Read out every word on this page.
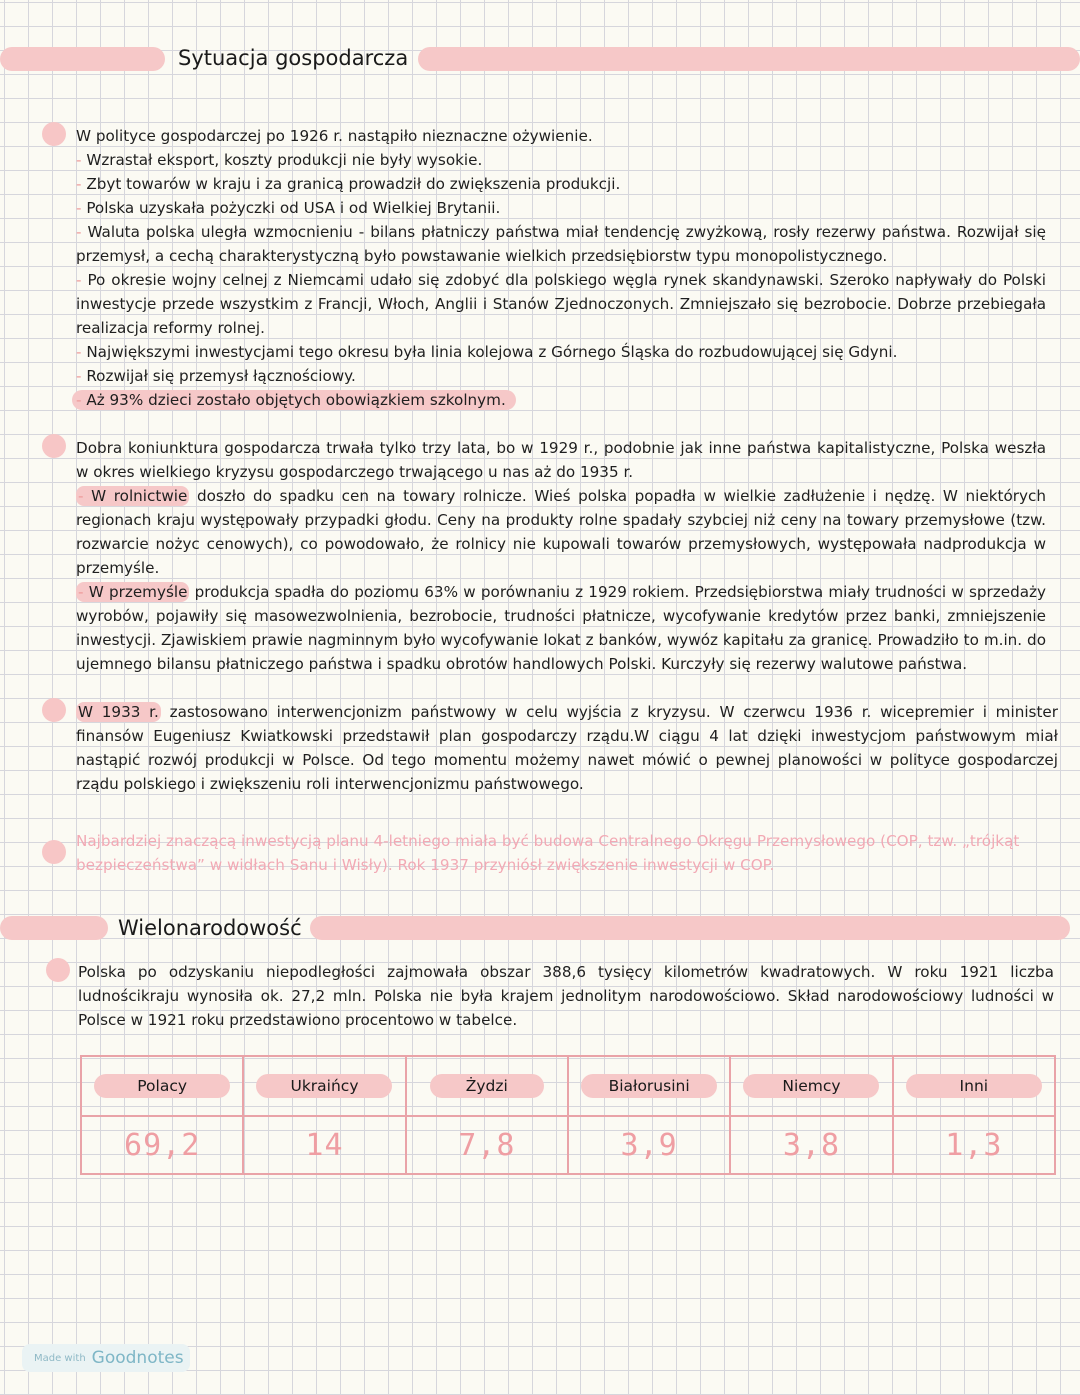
Sytuacja gospodarcza

W polityce gospodarczej po 1926 r. nastąpiło nieznaczne ożywienie.

- Wzrastał eksport, koszty produkcji nie były wysokie.

- Zbyt towarów w kraju i za granicą prowadził do zwiększenia produkcji.

- Polska uzyskała pożyczki od USA i od Wielkiej Brytanii.

- Waluta polska uległa wzmocnieniu - bilans płatniczy państwa miał tendencję zwyżkową, rosły rezerwy państwa. Rozwijał się przemysł, a cechą charakterystyczną było powstawanie wielkich przedsiębiorstw typu monopolistycznego.

- Po okresie wojny celnej z Niemcami udało się zdobyć dla polskiego węgla rynek skandynawski. Szeroko napływały do Polski inwestycje przede wszystkim z Francji, Włoch, Anglii i Stanów Zjednoczonych. Zmniejszało się bezrobocie. Dobrze przebiegała realizacja reformy rolnej.

- Największymi inwestycjami tego okresu była linia kolejowa z Górnego Śląska do rozbudowującej się Gdyni.

- Rozwijał się przemysł łącznościowy.

- Aż 93% dzieci zostało objętych obowiązkiem szkolnym.

Dobra koniunktura gospodarcza trwała tylko trzy lata, bo w 1929 r., podobnie jak inne państwa kapitalistyczne, Polska weszła w okres wielkiego kryzysu gospodarczego trwającego u nas aż do 1935 r.

- W rolnictwie doszło do spadku cen na towary rolnicze. Wieś polska popadła w wielkie zadłużenie i nędzę. W niektórych regionach kraju występowały przypadki głodu. Ceny na produkty rolne spadały szybciej niż ceny na towary przemysłowe (tzw. rozwarcie nożyc cenowych), co powodowało, że rolnicy nie kupowali towarów przemysłowych, występowała nadprodukcja w przemyśle.

- W przemyśle produkcja spadła do poziomu 63% w porównaniu z 1929 rokiem. Przedsiębiorstwa miały trudności w sprzedaży wyrobów, pojawiły się masowezwolnienia, bezrobocie, trudności płatnicze, wycofywanie kredytów przez banki, zmniejszenie inwestycji. Zjawiskiem prawie nagminnym było wycofywanie lokat z banków, wywóz kapitału za granicę. Prowadziło to m.in. do ujemnego bilansu płatniczego państwa i spadku obrotów handlowych Polski. Kurczyły się rezerwy walutowe państwa.

W 1933 r. zastosowano interwencjonizm państwowy w celu wyjścia z kryzysu. W czerwcu 1936 r. wicepremier i minister finansów Eugeniusz Kwiatkowski przedstawił plan gospodarczy rządu.W ciągu 4 lat dzięki inwestycjom państwowym miał nastąpić rozwój produkcji w Polsce. Od tego momentu możemy nawet mówić o pewnej planowości w polityce gospodarczej rządu polskiego i zwiększeniu roli interwencjonizmu państwowego.

Najbardziej znaczącą inwestycją planu 4-letniego miała być budowa Centralnego Okręgu Przemysłowego (COP, tzw. „trójkąt bezpieczeństwa” w widłach Sanu i Wisły). Rok 1937 przyniósł zwiększenie inwestycji w COP.

Wielonarodowość

Polska po odzyskaniu niepodległości zajmowała obszar 388,6 tysięcy kilometrów kwadratowych. W roku 1921 liczba ludnościkraju wynosiła ok. 27,2 mln. Polska nie była krajem jednolitym narodowościowo. Skład narodowościowy ludności w Polsce w 1921 roku przedstawiono procentowo w tabelce.

Polacy	Ukraińcy	Żydzi	Białorusini	Niemcy	Inni
69,2	14	7,8	3,9	3,8	1,3
Made with Goodnotes
